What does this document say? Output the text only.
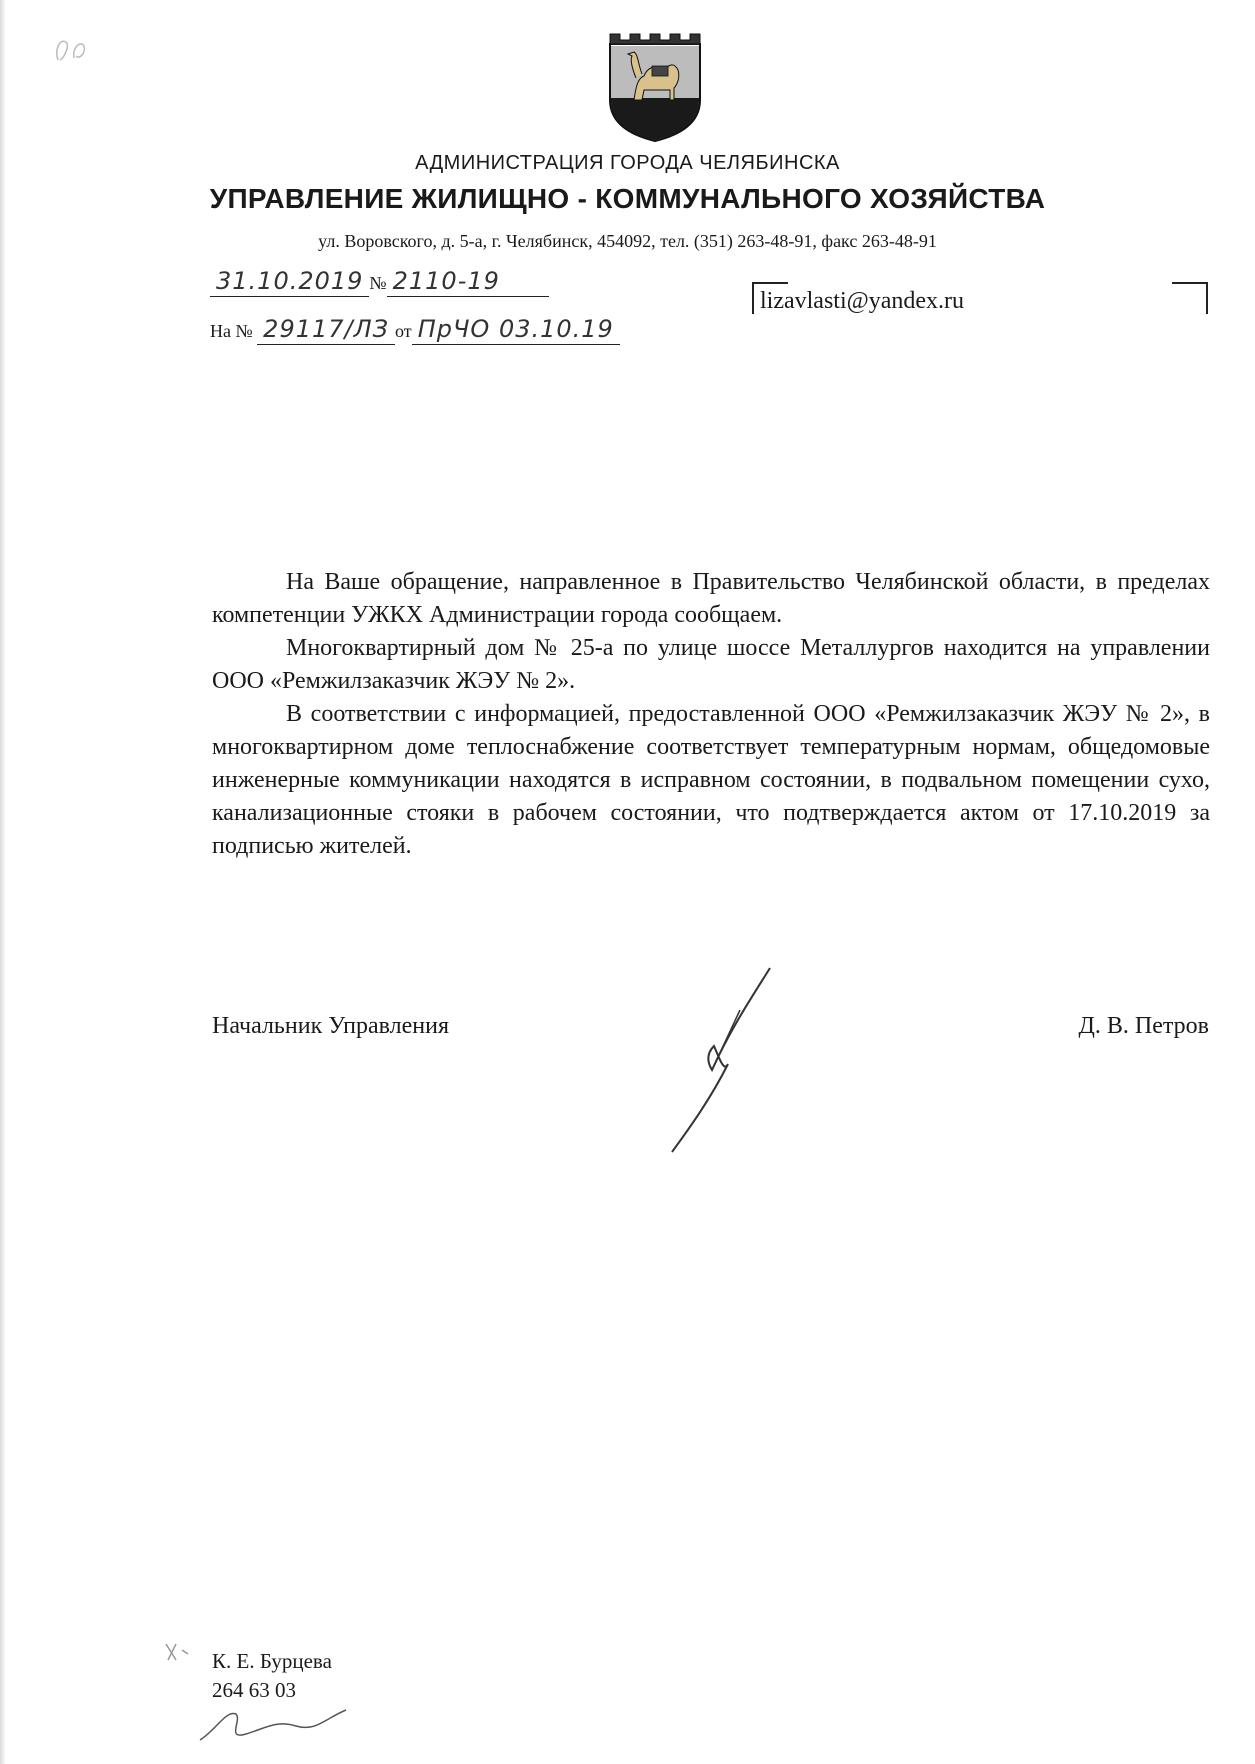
АДМИНИСТРАЦИЯ ГОРОДА ЧЕЛЯБИНСКА
УПРАВЛЕНИЕ ЖИЛИЩНО - КОММУНАЛЬНОГО ХОЗЯЙСТВА
ул. Воровского, д. 5-а, г. Челябинск, 454092, тел. (351) 263-48-91, факс 263-48-91
31.10.2019 № 2110-19
На № 29117/ЛЗ от ПрЧО 03.10.19
lizavlasti@yandex.ru

На Ваше обращение, направленное в Правительство Челябинской области, в пределах компетенции УЖКХ Администрации города сообщаем.

Многоквартирный дом № 25-а по улице шоссе Металлургов находится на управлении ООО «Ремжилзаказчик ЖЭУ № 2».

В соответствии с информацией, предоставленной ООО «Ремжилзаказчик ЖЭУ № 2», в многоквартирном доме теплоснабжение соответствует температурным нормам, общедомовые инженерные коммуникации находятся в исправном состоянии, в подвальном помещении сухо, канализационные стояки в рабочем состоянии, что подтверждается актом от 17.10.2019 за подписью жителей.

Начальник Управления	Д. В. Петров
К. Е. Бурцева
264 63 03
